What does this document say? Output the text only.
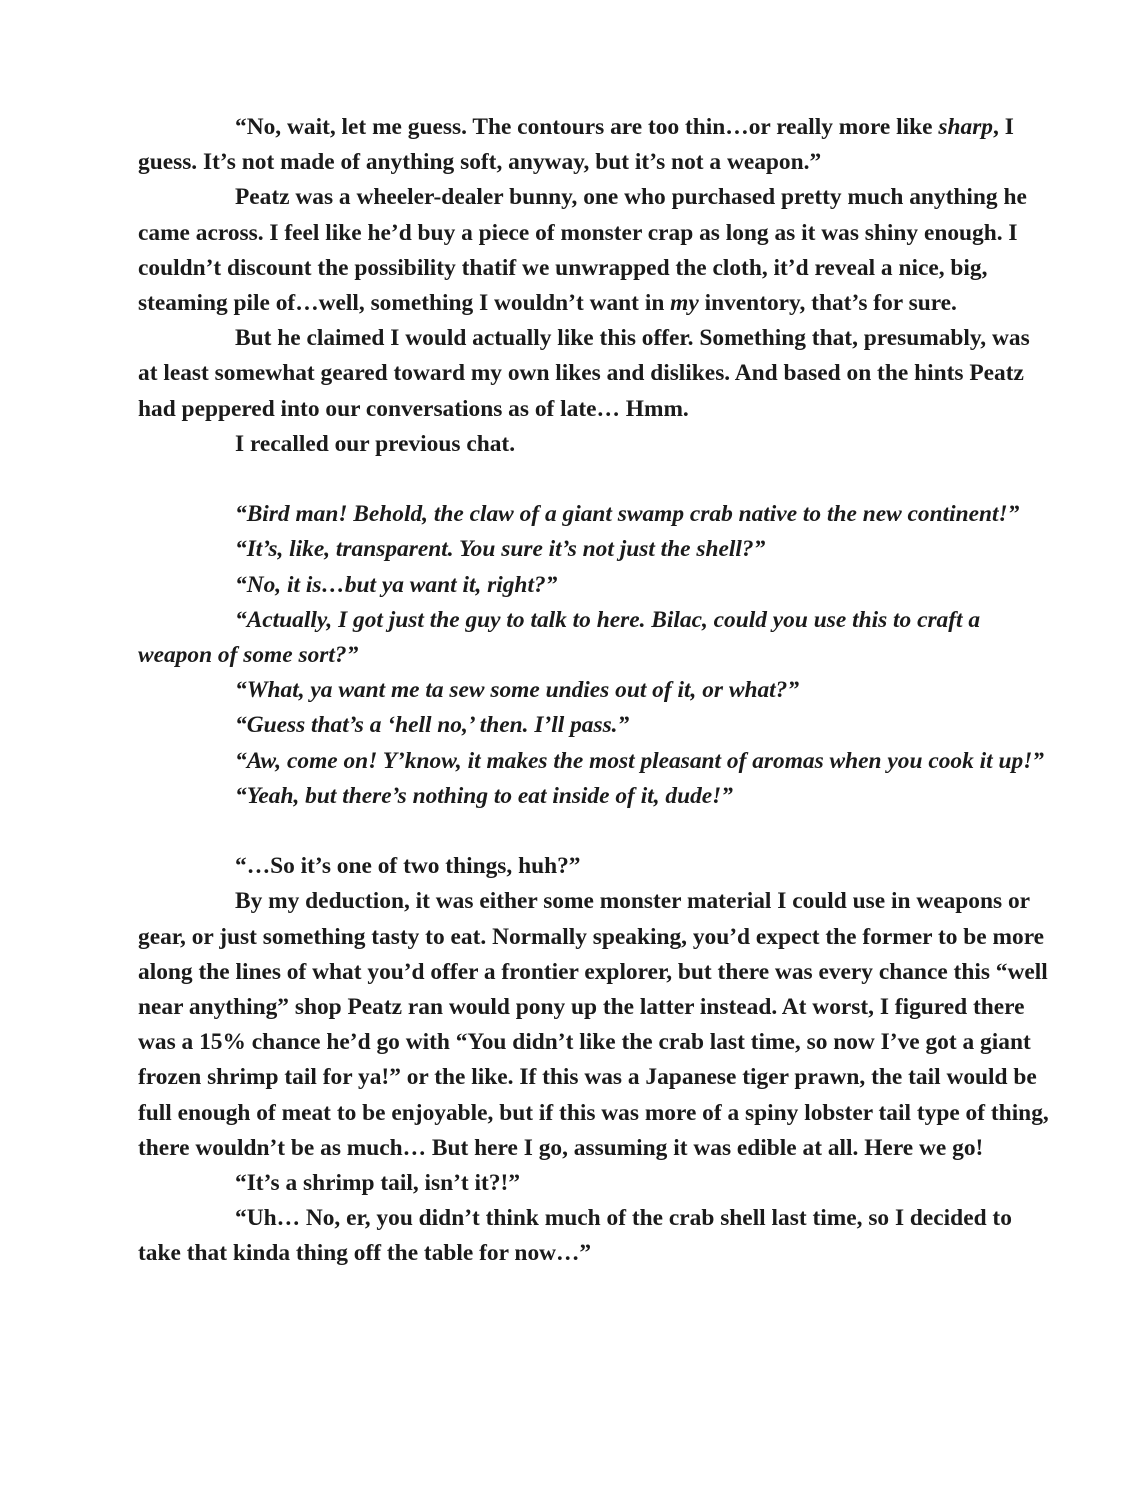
“No, wait, let me guess. The contours are too thin…or really more like sharp, I guess. It’s not made of anything soft, anyway, but it’s not a weapon.”

Peatz was a wheeler-dealer bunny, one who purchased pretty much anything he came across. I feel like he’d buy a piece of monster crap as long as it was shiny enough. I couldn’t discount the possibility thatif we unwrapped the cloth, it’d reveal a nice, big, steaming pile of…well, something I wouldn’t want in my inventory, that’s for sure.

But he claimed I would actually like this offer. Something that, presumably, was at least somewhat geared toward my own likes and dislikes. And based on the hints Peatz had peppered into our conversations as of late… Hmm.

I recalled our previous chat.

“Bird man! Behold, the claw of a giant swamp crab native to the new continent!”

“It’s, like, transparent. You sure it’s not just the shell?”

“No, it is…but ya want it, right?”

“Actually, I got just the guy to talk to here. Bilac, could you use this to craft a weapon of some sort?”

“What, ya want me ta sew some undies out of it, or what?”

“Guess that’s a ‘hell no,’ then. I’ll pass.”

“Aw, come on! Y’know, it makes the most pleasant of aromas when you cook it up!”

“Yeah, but there’s nothing to eat inside of it, dude!”

“…So it’s one of two things, huh?”

By my deduction, it was either some monster material I could use in weapons or gear, or just something tasty to eat. Normally speaking, you’d expect the former to be more along the lines of what you’d offer a frontier explorer, but there was every chance this “well near anything” shop Peatz ran would pony up the latter instead. At worst, I figured there was a 15% chance he’d go with “You didn’t like the crab last time, so now I’ve got a giant frozen shrimp tail for ya!” or the like. If this was a Japanese tiger prawn, the tail would be full enough of meat to be enjoyable, but if this was more of a spiny lobster tail type of thing, there wouldn’t be as much… But here I go, assuming it was edible at all. Here we go!

“It’s a shrimp tail, isn’t it?!”

“Uh… No, er, you didn’t think much of the crab shell last time, so I decided to take that kinda thing off the table for now…”
